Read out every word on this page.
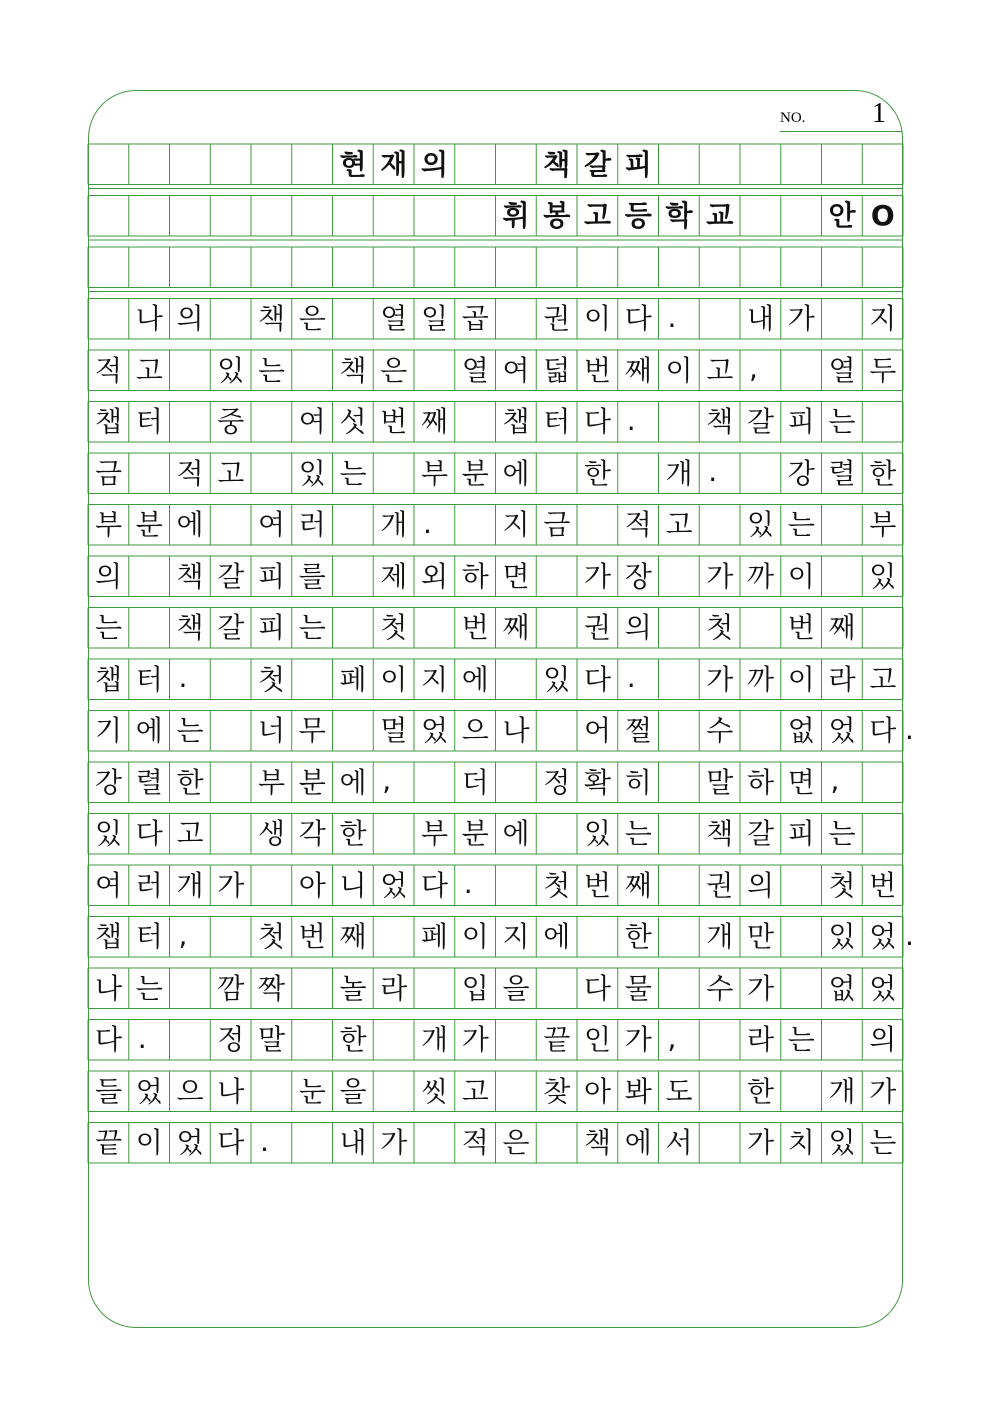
NO. 1
현 재 의	책 갈 피
휘 봉 고 등 학 교	안 O
나 의 책 은 열 일 곱 권 이 다 .	내 가 지
적 고 있 는 책 은 열 여 덟 번 째 이 고 ,	열 두
챕 터 중 여 섯 번 째 챕 터 다 .	책 갈 피 는
금 적 고 있 는 부 분 에 한 개 .	강 렬 한
부 분 에 여 러 개 .	지 금 적 고 있 는 부
의 책 갈 피 를 제 외 하 면 가 장 가 까 이 있
는 책 갈 피 는 첫 번 째 권 의 첫 번 째
챕 터 .	첫 페 이 지 에 있 다 .	가 까 이 라 고
기 에 는 너 무 멀 었 으 나 어 쩔 수 없 었 다 .
강 렬 한 부 분 에 ,	더 정 확 히 말 하 면 ,
있 다 고 생 각 한 부 분 에 있 는 책 갈 피 는
여 러 개 가 아 니 었 다 .	첫 번 째 권 의 첫 번
챕 터 ,	첫 번 째 페 이 지 에 한 개 만 있 었 .
나 는 깜 짝 놀 라 입 을 다 물 수 가 없 었
다 .	정 말 한 개 가 끝 인 가 ,	라 는 의
들 었 으 나 눈 을 씻 고 찾 아 봐 도 한 개 가
끝 이 었 다 .	내 가 적 은 책 에 서 가 치 있 는
